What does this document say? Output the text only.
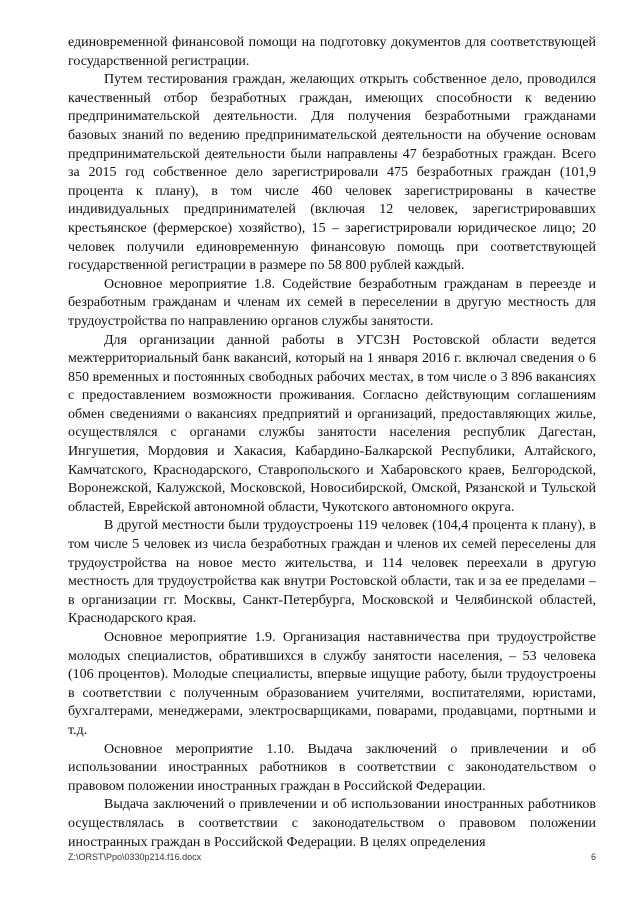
единовременной финансовой помощи на подготовку документов для соответствующей государственной регистрации.

Путем тестирования граждан, желающих открыть собственное дело, проводился качественный отбор безработных граждан, имеющих способности к ведению предпринимательской деятельности. Для получения безработными гражданами базовых знаний по ведению предпринимательской деятельности на обучение основам предпринимательской деятельности были направлены 47 безработных граждан. Всего за 2015 год собственное дело зарегистрировали 475 безработных граждан (101,9 процента к плану), в том числе 460 человек зарегистрированы в качестве индивидуальных предпринимателей (включая 12 человек, зарегистрировавших крестьянское (фермерское) хозяйство), 15 – зарегистрировали юридическое лицо; 20 человек получили единовременную финансовую помощь при соответствующей государственной регистрации в размере по 58 800 рублей каждый.

Основное мероприятие 1.8. Содействие безработным гражданам в переезде и безработным гражданам и членам их семей в переселении в другую местность для трудоустройства по направлению органов службы занятости.

Для организации данной работы в УГСЗН Ростовской области ведется межтерриториальный банк вакансий, который на 1 января 2016 г. включал сведения о 6 850 временных и постоянных свободных рабочих местах, в том числе о 3 896 вакансиях с предоставлением возможности проживания. Согласно действующим соглашениям обмен сведениями о вакансиях предприятий и организаций, предоставляющих жилье, осуществлялся с органами службы занятости населения республик Дагестан, Ингушетия, Мордовия и Хакасия, Кабардино-Балкарской Республики, Алтайского, Камчатского, Краснодарского, Ставропольского и Хабаровского краев, Белгородской, Воронежской, Калужской, Московской, Новосибирской, Омской, Рязанской и Тульской областей, Еврейской автономной области, Чукотского автономного округа.

В другой местности были трудоустроены 119 человек (104,4 процента к плану), в том числе 5 человек из числа безработных граждан и членов их семей переселены для трудоустройства на новое место жительства, и 114 человек переехали в другую местность для трудоустройства как внутри Ростовской области, так и за ее пределами – в организации гг. Москвы, Санкт-Петербурга, Московской и Челябинской областей, Краснодарского края.

Основное мероприятие 1.9. Организация наставничества при трудоустройстве молодых специалистов, обратившихся в службу занятости населения, – 53 человека (106 процентов). Молодые специалисты, впервые ищущие работу, были трудоустроены в соответствии с полученным образованием учителями, воспитателями, юристами, бухгалтерами, менеджерами, электросварщиками, поварами, продавцами, портными и т.д.

Основное мероприятие 1.10. Выдача заключений о привлечении и об использовании иностранных работников в соответствии с законодательством о правовом положении иностранных граждан в Российской Федерации.

Выдача заключений о привлечении и об использовании иностранных работников осуществлялась в соответствии с законодательством о правовом положении иностранных граждан в Российской Федерации. В целях определения

Z:\ORST\Ppo\0330p214.f16.docx	6
